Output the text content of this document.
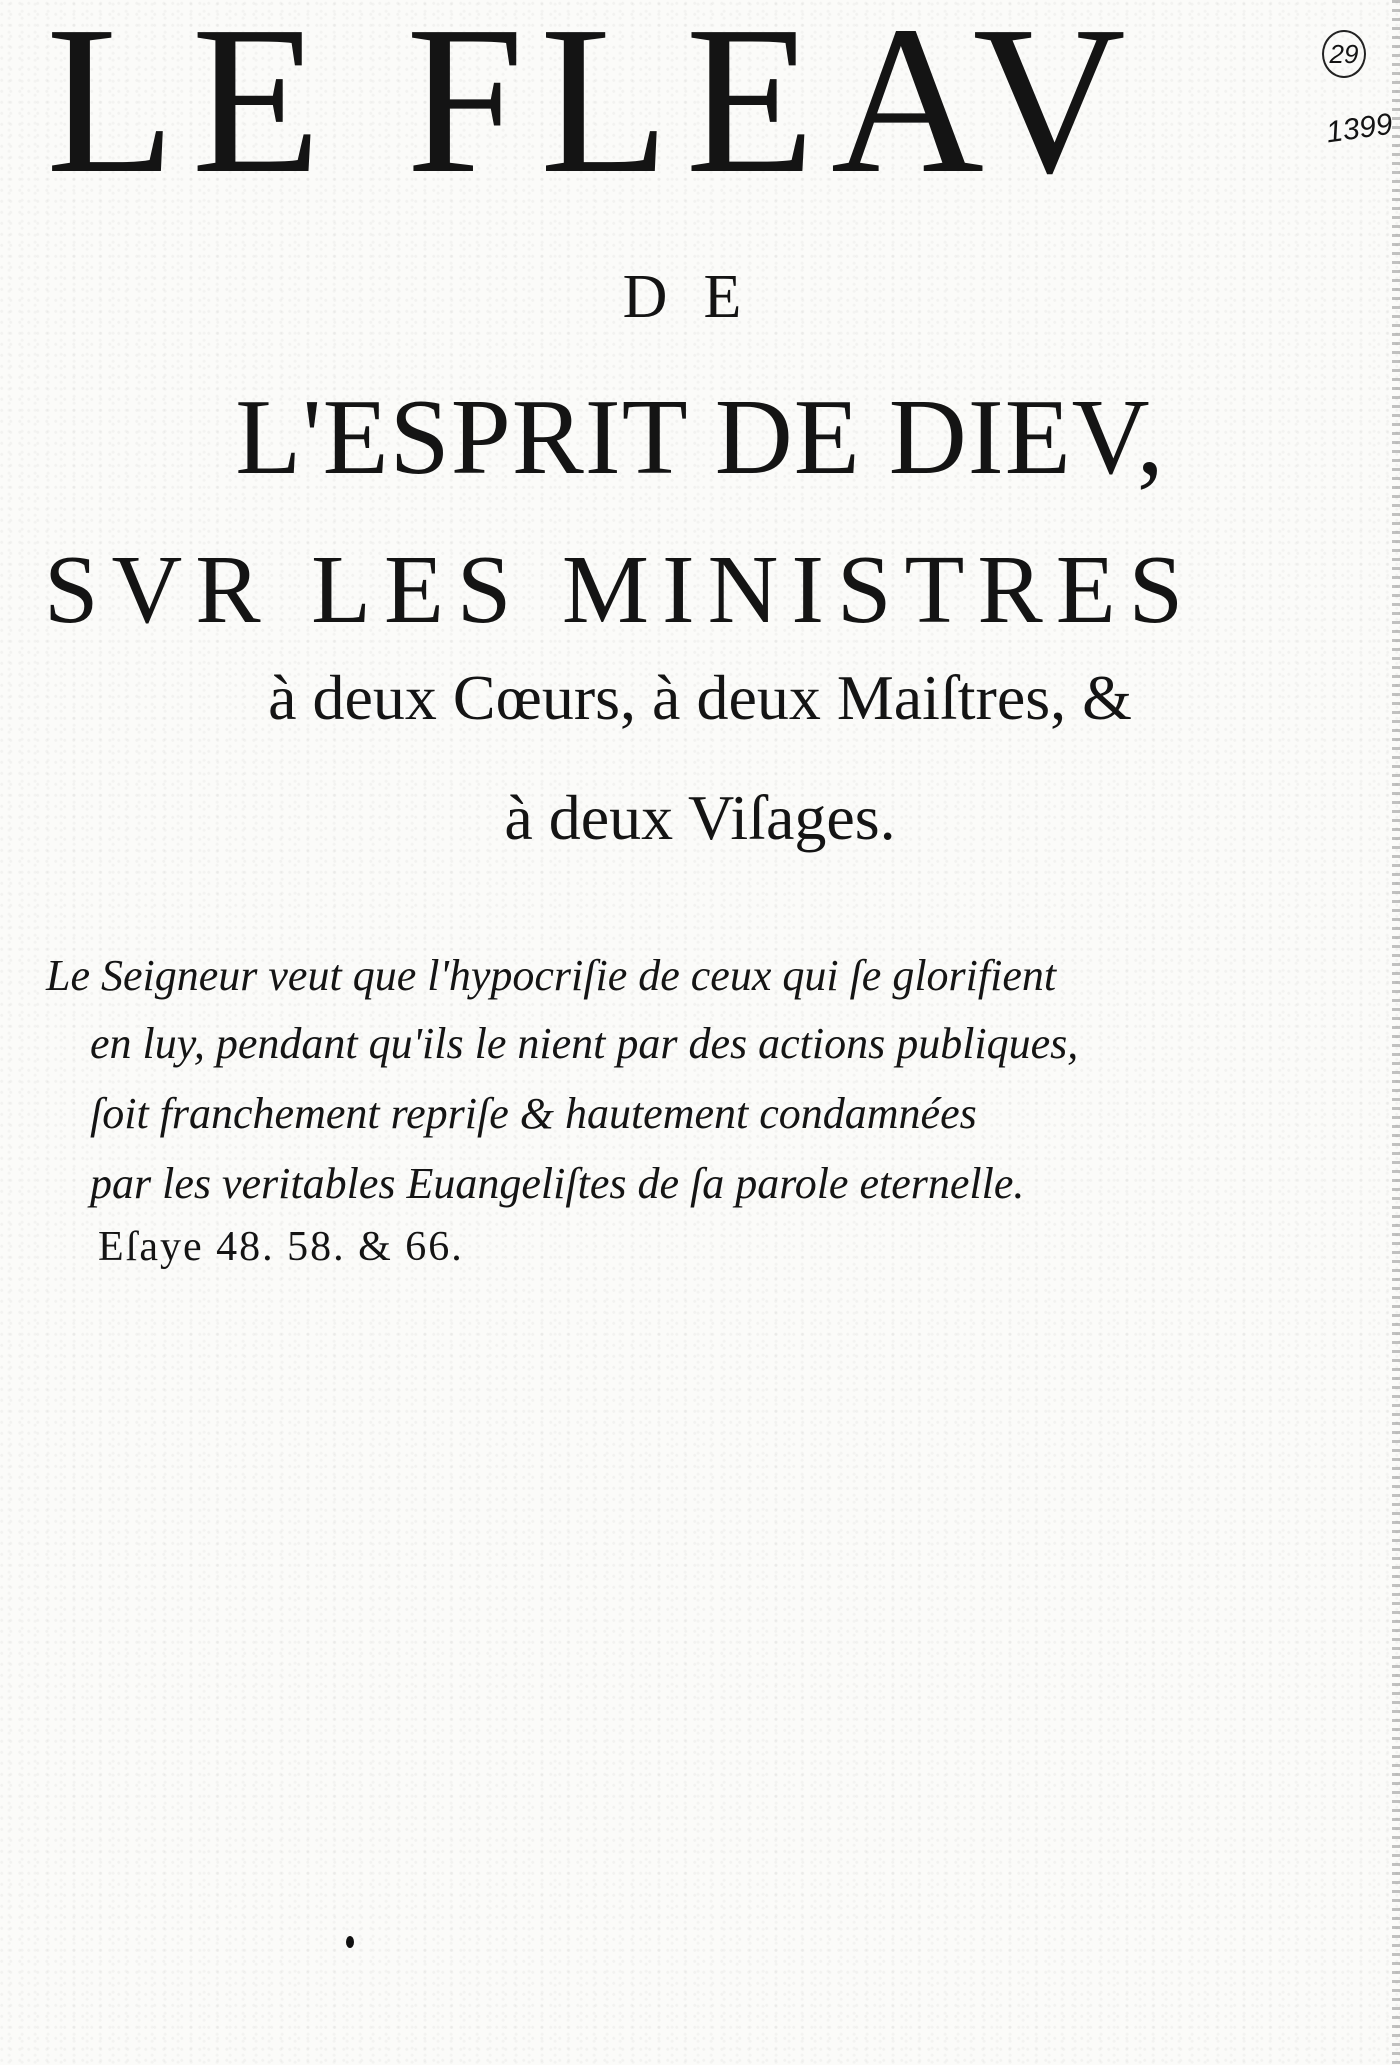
LE FLEAV
DE
L'ESPRIT DE DIEV,
SVR LES MINISTRES
à deux Cœurs, à deux Maiſtres, &
à deux Viſages.
Le Seigneur veut que l'hypocriſie de ceux qui ſe glorifient
en luy, pendant qu'ils le nient par des actions publiques,
ſoit franchement repriſe & hautement condamnées
par les veritables Euangeliſtes de ſa parole eternelle.
Eſaye 48. 58. & 66.
29
1399
